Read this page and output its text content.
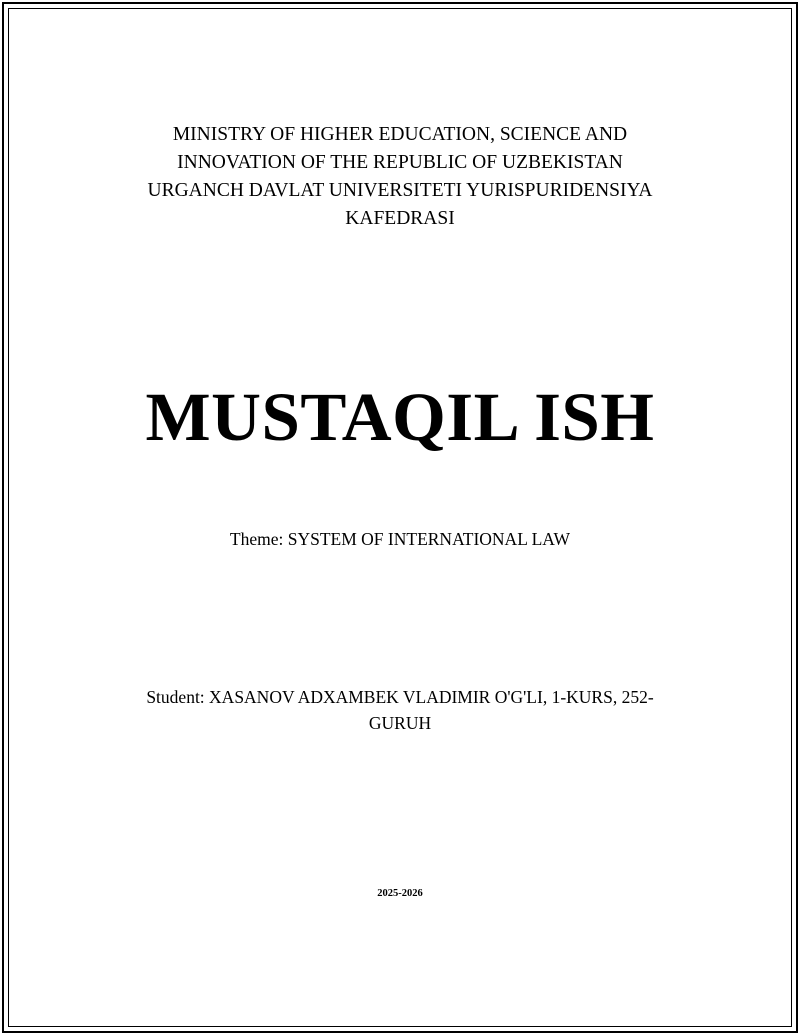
MINISTRY OF HIGHER EDUCATION, SCIENCE AND
INNOVATION OF THE REPUBLIC OF UZBEKISTAN
URGANCH DAVLAT UNIVERSITETI YURISPURIDENSIYA
KAFEDRASI
MUSTAQIL ISH
Theme: SYSTEM OF INTERNATIONAL LAW
Student: XASANOV ADXAMBEK VLADIMIR O'G'LI, 1-KURS, 252-
GURUH
2025-2026
